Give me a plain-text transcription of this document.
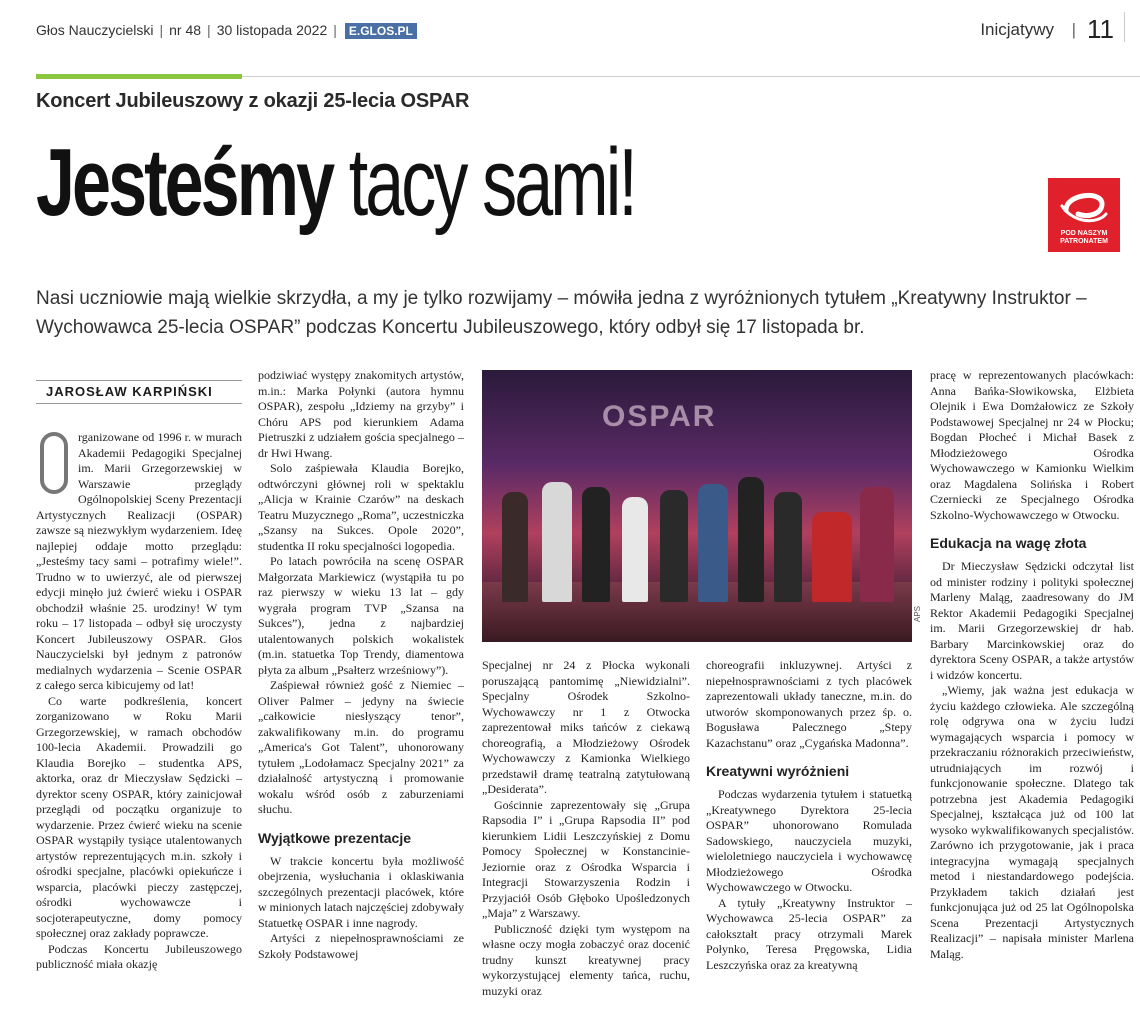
Głos Nauczycielski | nr 48 | 30 listopada 2022 | E.GLOS.PL	Inicjatywy | 11
Koncert Jubileuszowy z okazji 25-lecia OSPAR
Jesteśmy tacy sami!	POD NASZYM
PATRONATEM
Nasi uczniowie mają wielkie skrzydła, a my je tylko rozwijamy – mówiła jedna z wyróżnionych tytułem „Kreatywny Instruktor – Wychowawca 25-lecia OSPAR” podczas Koncertu Jubileuszowego, który odbył się 17 listopada br.
JAROSŁAW KARPIŃSKI

rganizowane od 1996 r. w murach Akademii Pedagogiki Specjalnej im. Marii Grzegorzewskiej w Warszawie przeglądy Ogólnopolskiej Sceny Prezentacji Artystycznych Realizacji (OSPAR) zawsze są niezwykłym wydarzeniem. Ideę najlepiej oddaje motto przeglądu: „Jesteśmy tacy sami – potrafimy wiele!”. Trudno w to uwierzyć, ale od pierwszej edycji minęło już ćwierć wieku i OSPAR obchodził właśnie 25. urodziny! W tym roku – 17 listopada – odbył się uroczysty Koncert Jubileuszowy OSPAR. Głos Nauczycielski był jednym z patronów medialnych wydarzenia – Scenie OSPAR z całego serca kibicujemy od lat!

Co warte podkreślenia, koncert zorganizowano w Roku Marii Grzegorzewskiej, w ramach obchodów 100-lecia Akademii. Prowadzili go Klaudia Borejko – studentka APS, aktorka, oraz dr Mieczysław Sędzicki – dyrektor sceny OSPAR, który zainicjował przeglądi od początku organizuje to wydarzenie. Przez ćwierć wieku na scenie OSPAR wystąpiły tysiące utalentowanych artystów reprezentujących m.in. szkoły i ośrodki specjalne, placówki opiekuńcze i wsparcia, placówki pieczy zastępczej, ośrodki wychowawcze i socjoterapeutyczne, domy pomocy społecznej oraz zakłady poprawcze.

Podczas Koncertu Jubileuszowego publiczność miała okazję

podziwiać występy znakomitych artystów, m.in.: Marka Połynki (autora hymnu OSPAR), zespołu „Idziemy na grzyby” i Chóru APS pod kierunkiem Adama Pietruszki z udziałem gościa specjalnego – dr Hwi Hwang.

Solo zaśpiewała Klaudia Borejko, odtwórczyni głównej roli w spektaklu „Alicja w Krainie Czarów” na deskach Teatru Muzycznego „Roma”, uczestniczka „Szansy na Sukces. Opole 2020”, studentka II roku specjalności logopedia.

Po latach powróciła na scenę OSPAR Małgorzata Markiewicz (wystąpiła tu po raz pierwszy w wieku 13 lat – gdy wygrała program TVP „Szansa na Sukces”), jedna z najbardziej utalentowanych polskich wokalistek (m.in. statuetka Top Trendy, diamentowa płyta za album „Psałterz wrześniowy”).

Zaśpiewał również gość z Niemiec – Oliver Palmer – jedyny na świecie „całkowicie niesłyszący tenor”, zakwalifikowany m.in. do programu „America's Got Talent”, uhonorowany tytułem „Lodołamacz Specjalny 2021” za działalność artystyczną i promowanie wokalu wśród osób z zaburzeniami słuchu.

Wyjątkowe prezentacje

W trakcie koncertu była możliwość obejrzenia, wysłuchania i oklaskiwania szczególnych prezentacji placówek, które w minionych latach najczęściej zdobywały Statuetkę OSPAR i inne nagrody.

Artyści z niepełnosprawnościami ze Szkoły Podstawowej

OSPAR
APS

Specjalnej nr 24 z Płocka wykonali poruszającą pantomimę „Niewidzialni”. Specjalny Ośrodek Szkolno-Wychowawczy nr 1 z Otwocka zaprezentował miks tańców z ciekawą choreografią, a Młodzieżowy Ośrodek Wychowawczy z Kamionka Wielkiego przedstawił dramę teatralną zatytułowaną „Desiderata”.

Gościnnie zaprezentowały się „Grupa Rapsodia I” i „Grupa Rapsodia II” pod kierunkiem Lidii Leszczyńskiej z Domu Pomocy Społecznej w Konstancinie-Jeziornie oraz z Ośrodka Wsparcia i Integracji Stowarzyszenia Rodzin i Przyjaciół Osób Głęboko Upośledzonych „Maja” z Warszawy.

Publiczność dzięki tym występom na własne oczy mogła zobaczyć oraz docenić trudny kunszt kreatywnej pracy wykorzystującej elementy tańca, ruchu, muzyki oraz

choreografii inkluzywnej. Artyści z niepełnosprawnościami z tych placówek zaprezentowali układy taneczne, m.in. do utworów skomponowanych przez śp. o. Bogusława Palecznego „Stepy Kazachstanu” oraz „Cygańska Madonna”.

Kreatywni wyróżnieni

Podczas wydarzenia tytułem i statuetką „Kreatywnego Dyrektora 25-lecia OSPAR” uhonorowano Romulada Sadowskiego, nauczyciela muzyki, wieloletniego nauczyciela i wychowawcę Młodzieżowego Ośrodka Wychowawczego w Otwocku.

A tytuły „Kreatywny Instruktor – Wychowawca 25-lecia OSPAR” za całokształt pracy otrzymali Marek Połynko, Teresa Pręgowska, Lidia Leszczyńska oraz za kreatywną

pracę w reprezentowanych placówkach: Anna Bańka-Słowikowska, Elżbieta Olejnik i Ewa Domżałowicz ze Szkoły Podstawowej Specjalnej nr 24 w Płocku; Bogdan Płocheć i Michał Basek z Młodzieżowego Ośrodka Wychowawczego w Kamionku Wielkim oraz Magdalena Solińska i Robert Czerniecki ze Specjalnego Ośrodka Szkolno-Wychowawczego w Otwocku.

Edukacja na wagę złota

Dr Mieczysław Sędzicki odczytał list od minister rodziny i polityki społecznej Marleny Maląg, zaadresowany do JM Rektor Akademii Pedagogiki Specjalnej im. Marii Grzegorzewskiej dr hab. Barbary Marcinkowskiej oraz do dyrektora Sceny OSPAR, a także artystów i widzów koncertu.

„Wiemy, jak ważna jest edukacja w życiu każdego człowieka. Ale szczególną rolę odgrywa ona w życiu ludzi wymagających wsparcia i pomocy w przekraczaniu różnorakich przeciwieństw, utrudniających im rozwój i funkcjonowanie społeczne. Dlatego tak potrzebna jest Akademia Pedagogiki Specjalnej, kształcąca już od 100 lat wysoko wykwalifikowanych specjalistów. Zarówno ich przygotowanie, jak i praca integracyjna wymagają specjalnych metod i niestandardowego podejścia. Przykładem takich działań jest funkcjonująca już od 25 lat Ogólnopolska Scena Prezentacji Artystycznych Realizacji” – napisała minister Marlena Maląg.
